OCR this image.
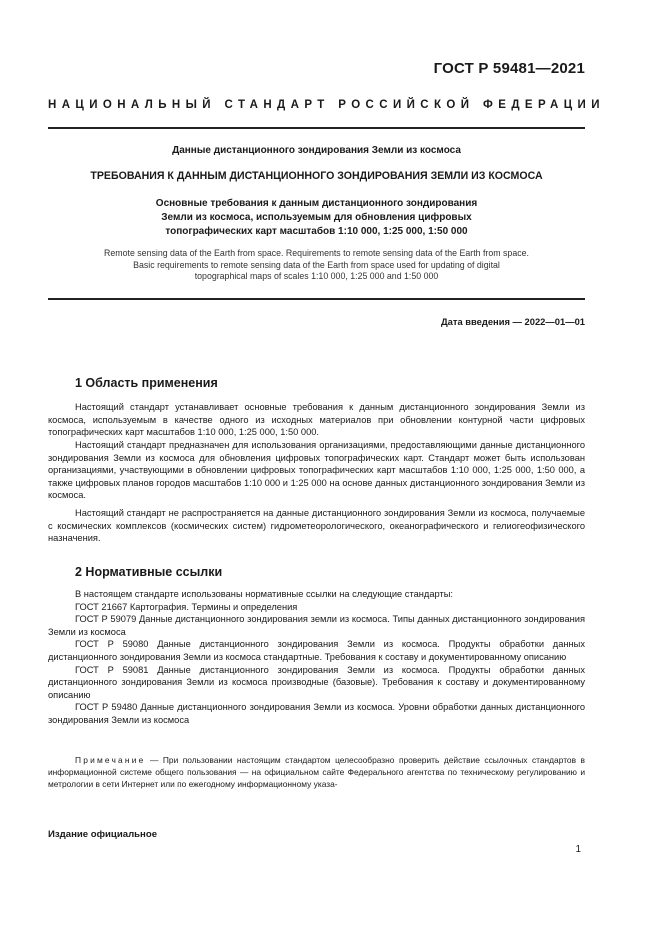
ГОСТ Р 59481—2021
НАЦИОНАЛЬНЫЙ СТАНДАРТ РОССИЙСКОЙ ФЕДЕРАЦИИ
Данные дистанционного зондирования Земли из космоса
ТРЕБОВАНИЯ К ДАННЫМ ДИСТАНЦИОННОГО ЗОНДИРОВАНИЯ ЗЕМЛИ ИЗ КОСМОСА
Основные требования к данным дистанционного зондирования
Земли из космоса, используемым для обновления цифровых
топографических карт масштабов 1:10 000, 1:25 000, 1:50 000
Remote sensing data of the Earth from space. Requirements to remote sensing data of the Earth from space.
Basic requirements to remote sensing data of the Earth from space used for updating of digital
topographical maps of scales 1:10 000, 1:25 000 and 1:50 000
Дата введения — 2022—01—01
1 Область применения
Настоящий стандарт устанавливает основные требования к данным дистанционного зондирования Земли из космоса, используемым в качестве одного из исходных материалов при обновлении контурной части цифровых топографических карт масштабов 1:10 000, 1:25 000, 1:50 000.
Настоящий стандарт предназначен для использования организациями, предоставляющими данные дистанционного зондирования Земли из космоса для обновления цифровых топографических карт. Стандарт может быть использован организациями, участвующими в обновлении цифровых топографических карт масштабов 1:10 000, 1:25 000, 1:50 000, а также цифровых планов городов масштабов 1:10 000 и 1:25 000 на основе данных дистанционного зондирования Земли из космоса.
Настоящий стандарт не распространяется на данные дистанционного зондирования Земли из космоса, получаемые с космических комплексов (космических систем) гидрометеорологического, океанографического и гелиогеофизического назначения.
2 Нормативные ссылки

В настоящем стандарте использованы нормативные ссылки на следующие стандарты:

ГОСТ 21667 Картография. Термины и определения

ГОСТ Р 59079 Данные дистанционного зондирования земли из космоса. Типы данных дистанционного зондирования Земли из космоса

ГОСТ Р 59080 Данные дистанционного зондирования Земли из космоса. Продукты обработки данных дистанционного зондирования Земли из космоса стандартные. Требования к составу и документированному описанию

ГОСТ Р 59081 Данные дистанционного зондирования Земли из космоса. Продукты обработки данных дистанционного зондирования Земли из космоса производные (базовые). Требования к составу и документированному описанию

ГОСТ Р 59480 Данные дистанционного зондирования Земли из космоса. Уровни обработки данных дистанционного зондирования Земли из космоса

Примечание — При пользовании настоящим стандартом целесообразно проверить действие ссылочных стандартов в информационной системе общего пользования — на официальном сайте Федерального агентства по техническому регулированию и метрологии в сети Интернет или по ежегодному информационному указа-
Издание официальное
1
